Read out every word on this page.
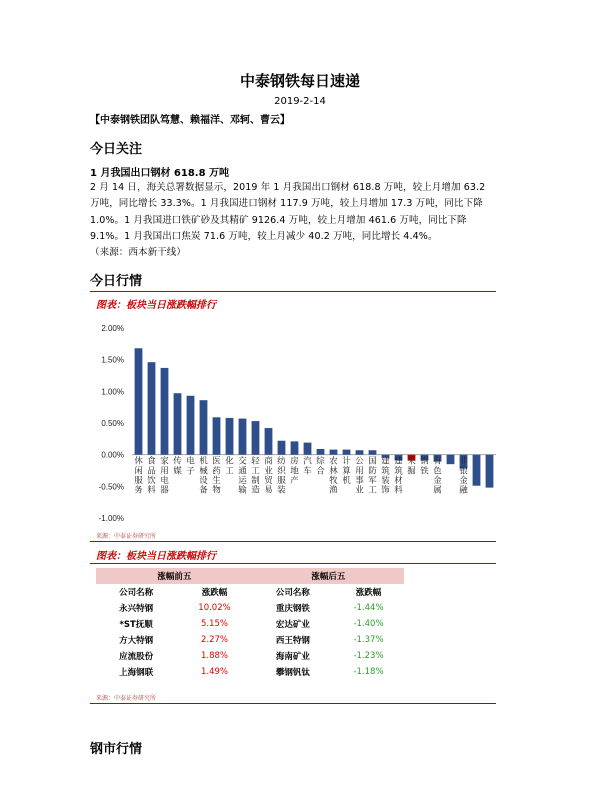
中泰钢铁每日速递
2019-2-14
【中泰钢铁团队笃慧、赖福洋、邓轲、曹云】
今日关注
1 月我国出口钢材 618.8 万吨
2 月 14 日，海关总署数据显示，2019 年 1 月我国出口钢材 618.8 万吨，较上月增加 63.2
万吨，同比增长 33.3%。1 月我国进口钢材 117.9 万吨，较上月增加 17.3 万吨，同比下降
1.0%。1 月我国进口铁矿砂及其精矿 9126.4 万吨，较上月增加 461.6 万吨，同比下降
9.1%。1 月我国出口焦炭 71.6 万吨，较上月减少 40.2 万吨，同比增长 4.4%。
（来源：西本新干线）
今日行情
图表：板块当日涨跌幅排行
2.00%
1.50%
1.00%
0.50%
0.00%
-0.50%
-1.00%
休
闲
服
务
食
品
饮
料
家
用
电
器
传
媒
电
子
机
械
设
备
医
药
生
物
化
工
交
通
运
输
轻
工
制
造
商
业
贸
易
纺
织
服
装
房
地
产
汽
车
综
合
农
林
牧
渔
计
算
机
公
用
事
业
国
防
军
工
建
筑
装
饰
建
筑
材
料
采
掘
钢
铁
有
色
金
属
非
银
金
融
来源：中泰证券研究所
图表：板块当日涨跌幅排行
涨幅前五		涨幅后五	
公司名称	涨跌幅	公司名称	涨跌幅
永兴特钢	10.02%	重庆钢铁	-1.44%
*ST抚顺	5.15%	宏达矿业	-1.40%
方大特钢	2.27%	西王特钢	-1.37%
应流股份	1.88%	海南矿业	-1.23%
上海钢联	1.49%	攀钢钒钛	-1.18%
来源：中泰证券研究所
钢市行情
